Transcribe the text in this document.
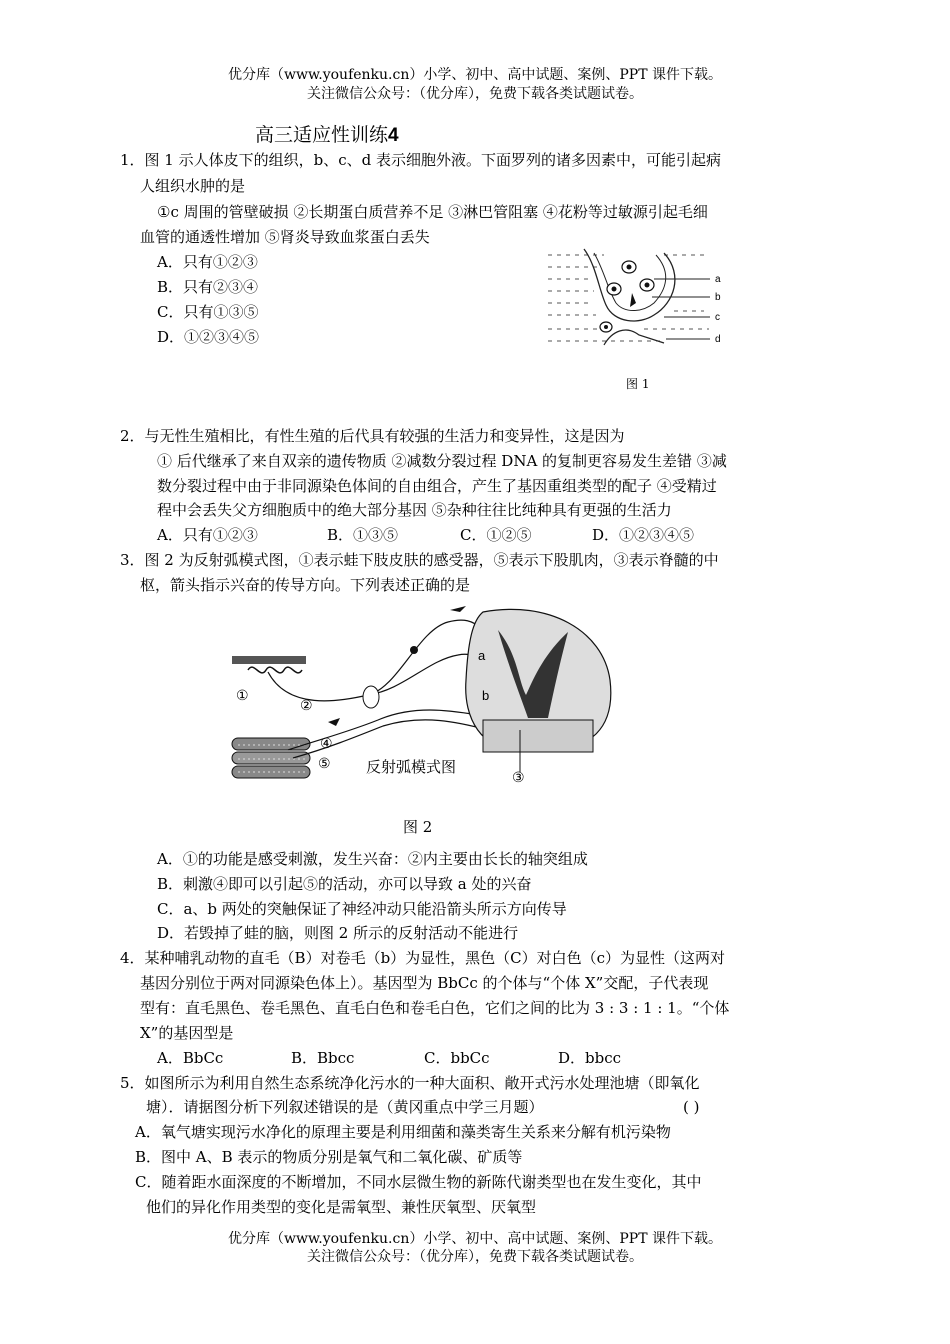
优分库（www.youfenku.cn）小学、初中、高中试题、案例、PPT 课件下载。
关注微信公众号：（优分库），免费下载各类试题试卷。
高三适应性训练4
1．图 1 示人体皮下的组织，b、c、d 表示细胞外液。下面罗列的诸多因素中，可能引起病
人组织水肿的是
①c 周围的管壁破损 ②长期蛋白质营养不足 ③淋巴管阻塞 ④花粉等过敏源引起毛细
血管的通透性增加 ⑤肾炎导致血浆蛋白丢失
A．只有①②③
B．只有②③④
C．只有①③⑤
D．①②③④⑤
a
b
c
d
图 1
2．与无性生殖相比，有性生殖的后代具有较强的生活力和变异性，这是因为
① 后代继承了来自双亲的遗传物质 ②减数分裂过程 DNA 的复制更容易发生差错 ③减
数分裂过程中由于非同源染色体间的自由组合，产生了基因重组类型的配子 ④受精过
程中会丢失父方细胞质中的绝大部分基因 ⑤杂种往往比纯种具有更强的生活力
A．只有①②③	B．①③⑤	C．①②⑤	D．①②③④⑤
3．图 2 为反射弧模式图，①表示蛙下肢皮肤的感受器，⑤表示下股肌肉，③表示脊髓的中
枢，箭头指示兴奋的传导方向。下列表述正确的是
a
b
①
②
③
④
⑤ 反射弧模式图
图 2
A．①的功能是感受刺激，发生兴奋：②内主要由长长的轴突组成
B．刺激④即可以引起⑤的活动，亦可以导致 a 处的兴奋
C．a、b 两处的突触保证了神经冲动只能沿箭头所示方向传导
D．若毁掉了蛙的脑，则图 2 所示的反射活动不能进行
4．某种哺乳动物的直毛（B）对卷毛（b）为显性，黑色（C）对白色（c）为显性（这两对
基因分别位于两对同源染色体上）。基因型为 BbCc 的个体与“个体 X”交配，子代表现
型有：直毛黑色、卷毛黑色、直毛白色和卷毛白色，它们之间的比为 3 : 3 : 1 : 1。“个体
X”的基因型是
A．BbCc	B．Bbcc	C．bbCc	D．bbcc
5．如图所示为利用自然生态系统净化污水的一种大面积、敞开式污水处理池塘（即氧化
塘）．请据图分析下列叙述错误的是（黄冈重点中学三月题）	( )
A．氧气塘实现污水净化的原理主要是利用细菌和藻类寄生关系来分解有机污染物
B．图中 A、B 表示的物质分别是氧气和二氧化碳、矿质等
C．随着距水面深度的不断增加，不同水层微生物的新陈代谢类型也在发生变化，其中
他们的异化作用类型的变化是需氧型、兼性厌氧型、厌氧型
优分库（www.youfenku.cn）小学、初中、高中试题、案例、PPT 课件下载。
关注微信公众号：（优分库），免费下载各类试题试卷。
